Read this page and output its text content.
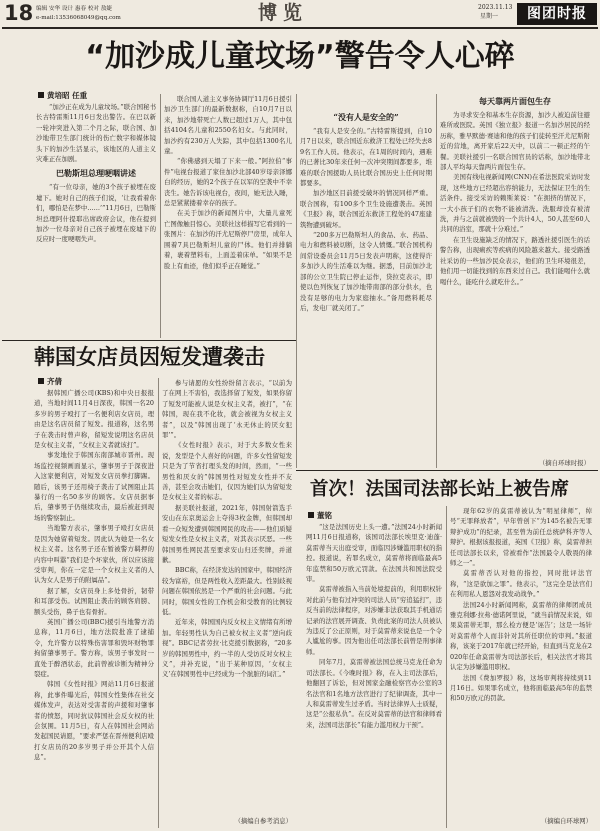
18 编辑 安华 设计 惠春 校对 敖婕
e-mail:13536068049@qq.com	博览	2023.11.13
星期一	图团时报
“加沙成儿童坟场”警告令人心碎
黄培昭 任重

“加沙正在成为儿童坟场。”联合国秘书长古特雷斯11月6日发出警告。在巴以新一轮冲突进入第二个月之际，联合国、加沙地带卫生部门统计的伤亡数字和媒体镜头下的加沙生活显示，该地区的人道主义灾难正在加剧。

巴勒斯坦总理哽咽讲述

“有一位母亲，她的3个孩子被埋在废墟下。她对自己的孩子们说，‘让我看着你们，哪怕是在梦中……’”11月6日，巴勒斯坦总理阿什提耶出席政府会议，他在提到加沙一位母亲对自己孩子被埋在废墟下的反应时一度哽咽失声。

联合国人道主义事务协调厅11月6日援引加沙卫生部门的最新数据称，自10月7日以来，加沙地带死亡人数已超过1万人，其中包括4104名儿童和2550名妇女。与此同时，加沙约有230万人失踪，其中包括1300名儿童。

“你佛感到天塌了下来一般。”阿拉伯“事件”电视台报道了家住加沙北部40岁母亲泽娜白的经历，她的2个孩子在以军的空袭中不幸丧生。她告诉该电视台，夜间，她无法入睡，总是紧紧搂着幸存的孩子。

在关于加沙的新闻图片中，大量儿童死亡图像触目惊心。美联社这样描写它看到的一张图片：在加沙的汗尤尼斯停尸房里，成年人围着7具巴勒斯坦儿童的尸体。他们并排躺着，裹着塑料布，上面盖着床单。“如果不是脸上有血迹，他们似乎正在睡觉。”

“没有人是安全的”

“我有人是安全的。”古特雷斯提到，自10月7日以来，联合国近东救济工程处已经失去89名工作人员。他表示，在1周的时间内，遇难的已著比30年来任何一次冲突期间都要多，堆难的联合国援助人员比联合国历史上任何时期都要多。

加沙地区目前援受破坏的情况同样严重。联合国称，有100多个卫生设施遭袭击。英国《卫报》称，联合国近东救济工程处的47座建筑物遭到破坏。

“200多万巴勒斯坦人的食品、水、药品、电力和燃料被切断，这令人愤慨。”联合国机构间常设委员会11月5日发表声明称，这使得许多加沙人的生活难以为继。据悉，目前加沙北部的公立卫生院已停止运作，贷拉克表示，即使以色列恢复了加沙地带南部的部分供水，也没有足够的电力为家庭抽水。”备用燃料耗尽后，发电厂就关闭了。”

每天靠两片面包生存

为寻求安全和基本生存资源，加沙人被迫前往避难所或医院。英国《独立报》报道一名加沙居民的经历称，雅早默德·赛迪和他的孩子们徒转至汗尤尼斯附近的营地，离开家后22天中，以前二一顿正经的午餐。美联社援引一名联合国官员的话称，加沙地带北部人平均每天靠两片面包生存。

美国有线电视新闻网(CNN)在希法医院采访时发现，这些地方已经超出容纳能力，无法保证卫生的生活条件。接受采访的赖斯莱说：“在拥挤的情况下，一大小孩子们的衣物不能被清洗。洗服却没有被清洗，并与之前就被毁的一个共计4人，50人甚至60人共同的浴室，那就十分难过。”

在卫生设施缺乏的情况下，路透社援引医生的话警告称，出现痢疾等疾病的风险越来越大。接受路透社采访的一些加沙民众表示，他们的卫生环境很差，他们用一切能找到的东西来过自己。我们能喝什么就喝什么，能吃什么就吃什么。”

（摘自环球时报）
韩国女店员因短发遭袭击
齐倩

据韩国广播公司(KBS)和中央日报报道，当地时间11月4日深夜，韩国一名20多岁的男子殴打了一名便利店女店员，理由是这名店员留了短发。报道称，这名男子在袭击时曾声称，留短发说明这名店员是女权主义者，“女权主义者就该打”。

事发地位于韩国东南部城市晋州。现场监控视频画面显示，肇事男子于深夜进入这家便利店，对短发女店员拳打脚踢。随后，该男子还用椅子袭击了试图阻止其暴行的一名50多岁的顾客。女店员据事后，肇事男子仍继续攻击，最后被赶到现场的警察制止。

当地警方表示，肇事男子殴打女店员是因为她留着短发。因此认为她是一名女权主义者。这名男子还在暂被警方羁押的内容中叫嚣“我们是个坏家伙，所以应该接受审判，你在一定是一个女权主义者的人认为女人是男子的附属品”。

据了解，女店员身上多处骨折，韧带和耳部受伤。试图阻止袭击的顾客肩膀、额头受伤，鼻子也有骨折。

英国广播公司(BBC)援引当地警方消息称，11月6日，地方法院批准了逮捕令，允许警方以特殊伤害罪和毁坏财物罪拘留肇事男子。警方称，该男子事发时一直处于醉酒状态，此前曾被诊断为精神分裂症。

韩国《女性时报》网站11月6日报道称，此事件曝光后，韩国女性集体在社交媒体发声，表达对受害者的声援和对肇事者的愤怒，同时抗议韩国社会反女权的社会氛围。11月5日，有人在韩国社会网站发起国民请愿，“要求严惩在晋州便利店殴打女店员的20多岁男子并公开其个人信息”。

参与请愿的女性纷纷留言表示，“以前为了在网上不害怕，我选择留了短发，如果你留了短发可能被人说是女权主义者，被打”，“在韩国，现在我不化妆，就会被视为女权主义者”，以及“韩国出现了‘永无休止的厌女犯罪’”。

《女性时报》表示，对于大多数女性来说，发型是个人喜好的问题，许多女性留短发只是为了节省打理头发的时间，然而，“一些男性和厌女的”韩国男性对短发女性并不友善，甚至会攻击她们，仅因为她们认为留短发是女权主义者的标志。

据美联社报道，2021年，韩国射箭选手安山在东京奥运会上夺得3枚金牌，但韩国却看一众短发遭到韩国网民的攻击——他们质疑短发女性是女权主义者，对其表示厌恶。一些韩国男性网民甚至要求安山归还奖牌，并道歉。

BBC称，在经济发达的国家中，韩国经济较为富裕，但是两性收入差距最大。性别歧视问题在韩国依然是一个严重的社会问题。与此同时，韩国女性的工作机会和受教育的比例较低。

近年来，韩国国内反女权主义情绪有所增加。年轻男性认为自己被女权主义者“逆向歧视”。BBC记者劳拉·比克援引数据称，“20多岁的韩国男性中，约一半的人受访反对女权主义”，并补充说，“出于某种原因，‘女权主义’在韩国男性中已经成为一个肮脏的词汇。”

（摘编自参考消息）
首次！法国司法部长站上被告席
董铭

“这是法国历史上头一遭。”法国24小时新闻网11月6日报道称，该国司法部长埃里克·迪蓬·莫雷蒂当天出庭受审，面临因涉嫌滥用职权的指控。报道说，若罪名成立，莫雷蒂将面临最高5年监禁和50万欧元罚款。在法国共和国法院受审。

莫雷蒂被指入当前处境提前的，利用职权针对此前与他有过冲突的司法人员“穷追猛打”，违反当前的法律程序，对涉嫌非法获取其手机通话记录的法官展开调查、负责此案的司法人员被认为违反了公正原则，对于莫雷蒂来说也是一个令人尴尬的事。因为他出任司法部长前曾是刑事律师。

同年7月，莫雷蒂被法国总统马克龙任命为司法部长。《今晚时报》称，在入主司法部后，他翻回了诉讼，但对国家金融检察官办公室的3名法官和1名地方法官进行了纪律调查，其中一人和莫雷蒂发生过矛盾。当时法律界人士质疑，这是“公报私仇”。在反对莫雷蒂的法官和律师看来，法国司法部长“有能力滥用权力干预”。

现年62岁的莫雷蒂被认为“明星律师”，绰号“无罪释放者”，早年曾创下“为145名被告无罪辩护成功”的纪录，甚至曾为前任总统萨科齐等人辩护。根据该报报道，英国《卫报》称，莫雷蒂担任司法部长以来，常被看作“法国最令人敬畏的律师之一”。

莫雷蒂否认对他的指控，同时批评法官称，“这是欲加之罪”。他表示，“这完全是法官们在利用私人恩怨对我发动战争。”

法国24小时新闻网称，莫雷蒂的律师团成员雅克利娜·拉弗·德诺阿里说，“就当前情况来说，如果莫雷蒂无罪，那么检方便是‘诬告’；这是一场针对莫雷蒂个人而非针对其所任职位的审判。”报道称，该案于2017年就已经开始，但直到马克龙在2020年任命莫雷蒂为司法部长后，相关法官才将其认定为涉嫌滥用职权。

法国《费加罗报》称，这场审判将持续到11月16日。如果罪名成立，他将面临最高5年的监禁和50万欧元的罚款。

（摘编自环球网）
